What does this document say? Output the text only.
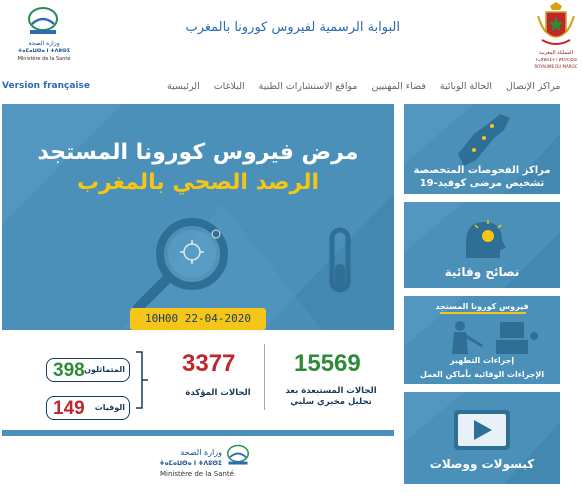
وزارة الصحة
ⵜⴰⵎⴰⵡⵙⴰ ⵏ ⵜⴷⵓⵙⵉ
Ministère de la Santé
البوابة الرسمية لفيروس كورونا بالمغرب
المملكة المغربية
ⵜⴰⴳⵍⴷⵉⵜ ⵏ ⵍⵎⵖⵔⵉⴱ
ROYAUME DU MAROC
Version française	الرئيسية	البلاغات	مواقع الاستشارات الطبية	فضاء المهنيين	الحالة الوبائية	مراكز الإتصال
مرض فيروس كورونا المستجد
الرصد الصحي بالمغرب
10H00 22-04-2020
15569
الحالات المستبعدة بعد
تحليل مخبري سلبي
3377
الحالات المؤكدة
398 المتماثلون
149 الوفيات
وزارة الصحة
ⵜⴰⵎⴰⵡⵙⴰ ⵏ ⵜⴷⵓⵙⵉ
Ministère de la Santé
مراكز الفحوصات المتخصصة
تشخيص مرضى كوفيد-19
نصائح وقائية
فيروس كورونا المستجد
إجراءات التطهير
الإجراءات الوقائية بأماكن العمل
كبسولات ووصلات
